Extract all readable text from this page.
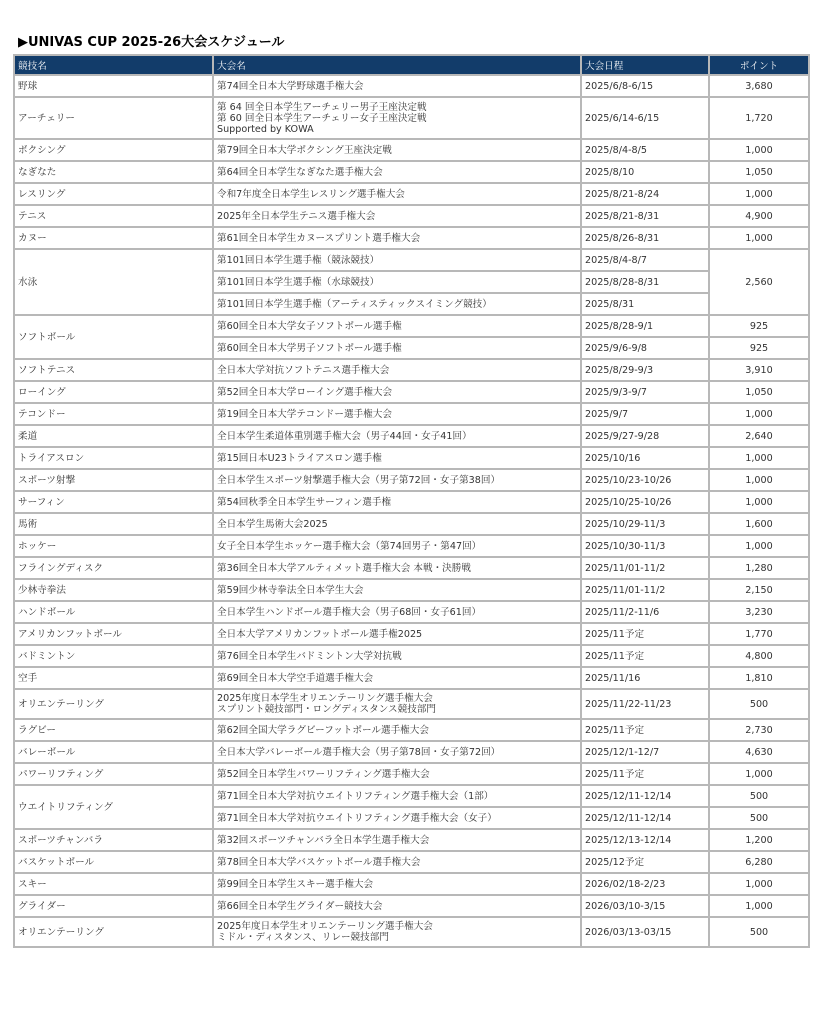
▶UNIVAS CUP 2025-26大会スケジュール
競技名	大会名	大会日程	ポイント
野球	第74回全日本大学野球選手権大会	2025/6/8-6/15	3,680
アーチェリー	第 64 回全日本学生アーチェリー男子王座決定戦
第 60 回全日本学生アーチェリー女子王座決定戦
Supported by KOWA	2025/6/14-6/15	1,720
ボクシング	第79回全日本大学ボクシング王座決定戦	2025/8/4-8/5	1,000
なぎなた	第64回全日本学生なぎなた選手権大会	2025/8/10	1,050
レスリング	令和7年度全日本学生レスリング選手権大会	2025/8/21-8/24	1,000
テニス	2025年全日本学生テニス選手権大会	2025/8/21-8/31	4,900
カヌー	第61回全日本学生カヌースプリント選手権大会	2025/8/26-8/31	1,000
水泳	第101回日本学生選手権（競泳競技）	2025/8/4-8/7	2,560

	第101回日本学生選手権（水球競技）	2025/8/28-8/31	

	第101回日本学生選手権（アーティスティックスイミング競技）	2025/8/31	
ソフトボール	第60回全日本大学女子ソフトボール選手権	2025/8/28-9/1	925

	第60回全日本大学男子ソフトボール選手権	2025/9/6-9/8	925
ソフトテニス	全日本大学対抗ソフトテニス選手権大会	2025/8/29-9/3	3,910
ローイング	第52回全日本大学ローイング選手権大会	2025/9/3-9/7	1,050
テコンドー	第19回全日本大学テコンドー選手権大会	2025/9/7	1,000
柔道	全日本学生柔道体重別選手権大会（男子44回・女子41回）	2025/9/27-9/28	2,640
トライアスロン	第15回日本U23トライアスロン選手権	2025/10/16	1,000
スポーツ射撃	全日本学生スポーツ射撃選手権大会（男子第72回・女子第38回）	2025/10/23-10/26	1,000
サーフィン	第54回秋季全日本学生サーフィン選手権	2025/10/25-10/26	1,000
馬術	全日本学生馬術大会2025	2025/10/29-11/3	1,600
ホッケー	女子全日本学生ホッケー選手権大会（第74回男子・第47回）	2025/10/30-11/3	1,000
フライングディスク	第36回全日本大学アルティメット選手権大会 本戦・決勝戦	2025/11/01-11/2	1,280
少林寺拳法	第59回少林寺拳法全日本学生大会	2025/11/01-11/2	2,150
ハンドボール	全日本学生ハンドボール選手権大会（男子68回・女子61回）	2025/11/2-11/6	3,230
アメリカンフットボール	全日本大学アメリカンフットボール選手権2025	2025/11予定	1,770
バドミントン	第76回全日本学生バドミントン大学対抗戦	2025/11予定	4,800
空手	第69回全日本大学空手道選手権大会	2025/11/16	1,810
オリエンテーリング	2025年度日本学生オリエンテーリング選手権大会
スプリント競技部門・ロングディスタンス競技部門	2025/11/22-11/23	500
ラグビー	第62回全国大学ラグビーフットボール選手権大会	2025/11予定	2,730
バレーボール	全日本大学バレーボール選手権大会（男子第78回・女子第72回）	2025/12/1-12/7	4,630
パワーリフティング	第52回全日本学生パワーリフティング選手権大会	2025/11予定	1,000
ウエイトリフティング	第71回全日本大学対抗ウエイトリフティング選手権大会（1部）	2025/12/11-12/14	500

	第71回全日本大学対抗ウエイトリフティング選手権大会（女子）	2025/12/11-12/14	500
スポーツチャンバラ	第32回スポーツチャンバラ全日本学生選手権大会	2025/12/13-12/14	1,200
バスケットボール	第78回全日本大学バスケットボール選手権大会	2025/12予定	6,280
スキー	第99回全日本学生スキー選手権大会	2026/02/18-2/23	1,000
グライダー	第66回全日本学生グライダー競技大会	2026/03/10-3/15	1,000
オリエンテーリング	2025年度日本学生オリエンテーリング選手権大会
ミドル・ディスタンス、リレー競技部門	2026/03/13-03/15	500
